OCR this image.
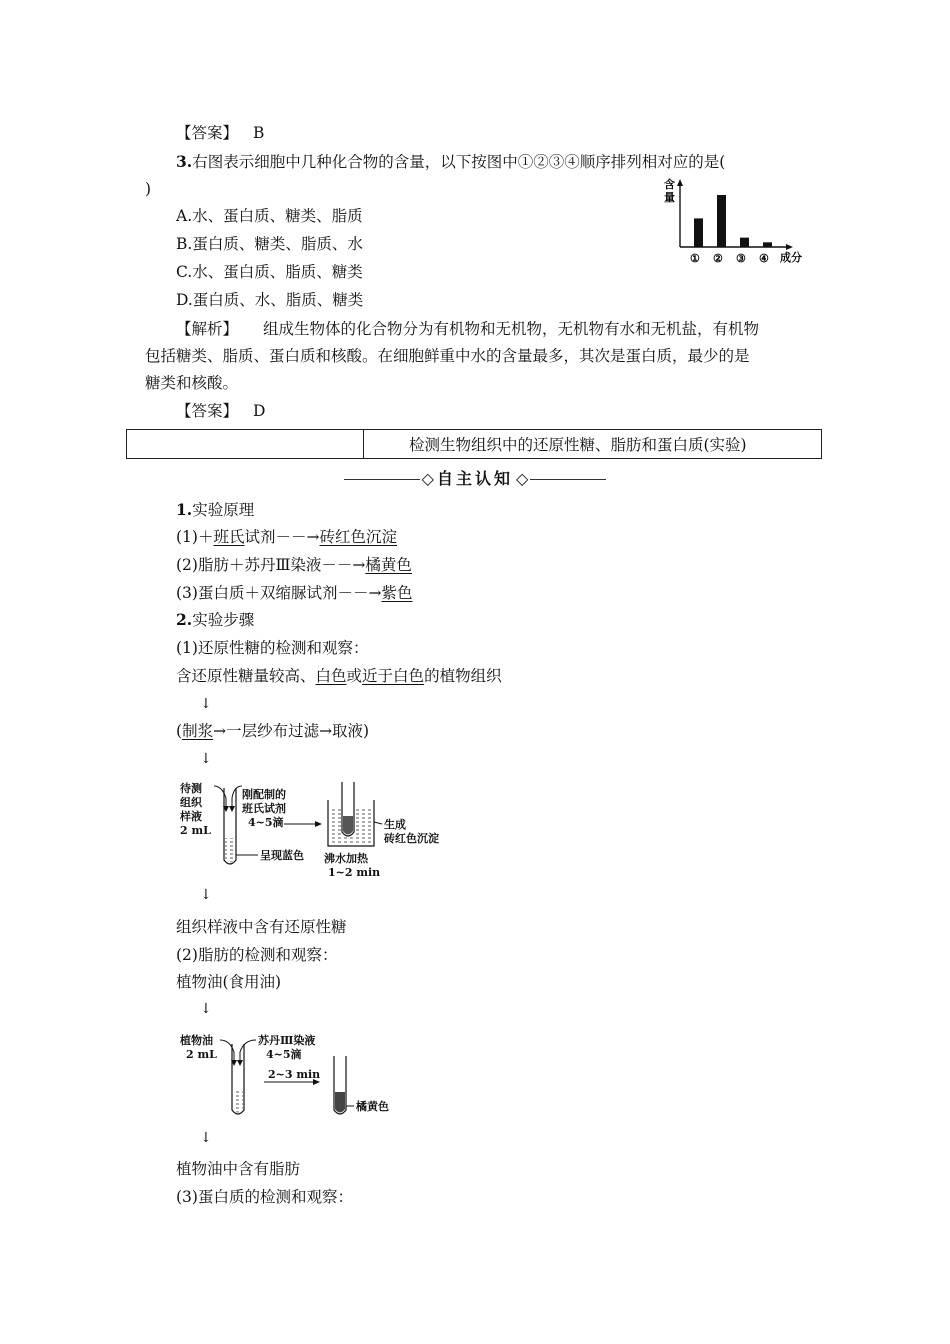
【答案】 B
3.右图表示细胞中几种化合物的含量，以下按图中①②③④顺序排列相对应的是(
)
A.水、蛋白质、糖类、脂质
B.蛋白质、糖类、脂质、水
C.水、蛋白质、脂质、糖类
D.蛋白质、水、脂质、糖类
含
量
① ② ③ ④ 成分
【解析】 组成生物体的化合物分为有机物和无机物，无机物有水和无机盐，有机物
包括糖类、脂质、蛋白质和核酸。在细胞鲜重中水的含量最多，其次是蛋白质，最少的是
糖类和核酸。
【答案】 D
检测生物组织中的还原性糖、脂肪和蛋白质(实验)
◇ 自主认知 ◇
1.实验原理
(1)＋班氏试剂－－→砖红色沉淀
(2)脂肪＋苏丹Ⅲ染液－－→橘黄色
(3)蛋白质＋双缩脲试剂－－→紫色
2.实验步骤
(1)还原性糖的检测和观察：
含还原性糖量较高、白色或近于白色的植物组织
↓
(制浆→一层纱布过滤→取液)
↓
待测
组织
样液
2 mL
刚配制的
班氏试剂
4~5滴
呈现蓝色 沸水加热
1~2 min
生成
砖红色沉淀
↓
组织样液中含有还原性糖
(2)脂肪的检测和观察：
植物油(食用油)
↓
植物油
2 mL
苏丹Ⅲ染液
4~5滴
2~3 min
橘黄色
↓
植物油中含有脂肪
(3)蛋白质的检测和观察：
